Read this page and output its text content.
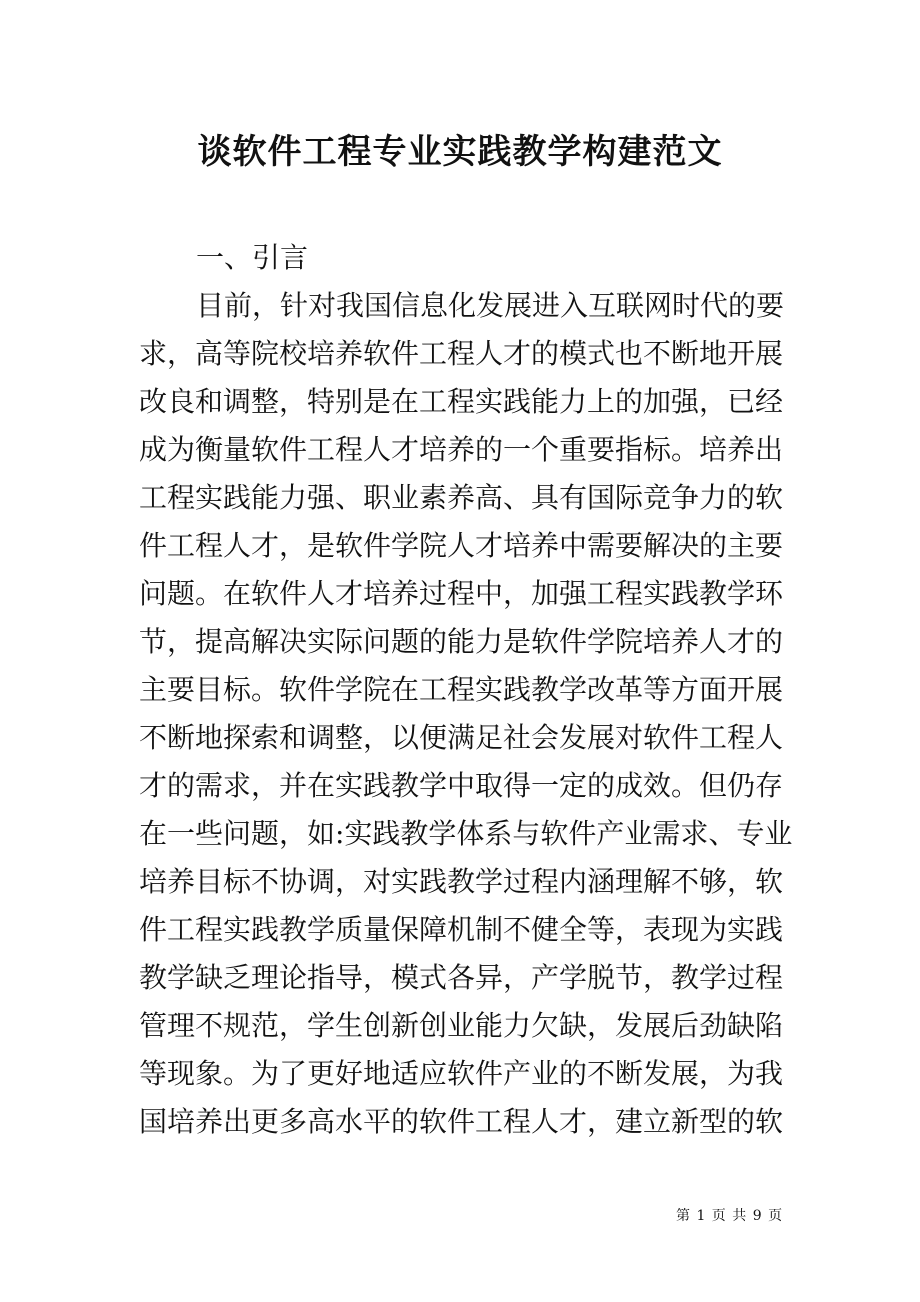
谈软件工程专业实践教学构建范文
一、引言
目前，针对我国信息化发展进入互联网时代的要
求，高等院校培养软件工程人才的模式也不断地开展
改良和调整，特别是在工程实践能力上的加强，已经
成为衡量软件工程人才培养的一个重要指标。培养出
工程实践能力强、职业素养高、具有国际竞争力的软
件工程人才，是软件学院人才培养中需要解决的主要
问题。在软件人才培养过程中，加强工程实践教学环
节，提高解决实际问题的能力是软件学院培养人才的
主要目标。软件学院在工程实践教学改革等方面开展
不断地探索和调整，以便满足社会发展对软件工程人
才的需求，并在实践教学中取得一定的成效。但仍存
在一些问题，如:实践教学体系与软件产业需求、专业
培养目标不协调，对实践教学过程内涵理解不够，软
件工程实践教学质量保障机制不健全等，表现为实践
教学缺乏理论指导，模式各异，产学脱节，教学过程
管理不规范，学生创新创业能力欠缺，发展后劲缺陷
等现象。为了更好地适应软件产业的不断发展，为我
国培养出更多高水平的软件工程人才，建立新型的软
第 1 页 共 9 页
